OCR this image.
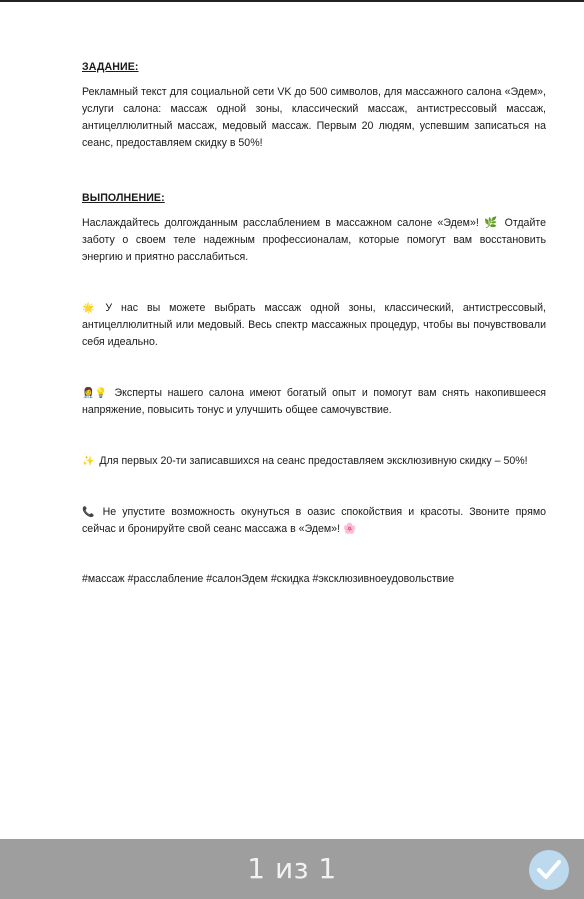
ЗАДАНИЕ:

Рекламный текст для социальной сети VK до 500 символов, для массажного салона «Эдем», услуги салона: массаж одной зоны, классический массаж, антистрессовый массаж, антицеллюлитный массаж, медовый массаж. Первым 20 людям, успевшим записаться на сеанс, предоставляем скидку в 50%!

ВЫПОЛНЕНИЕ:

Наслаждайтесь долгожданным расслаблением в массажном салоне «Эдем»! 🌿 Отдайте заботу о своем теле надежным профессионалам, которые помогут вам восстановить энергию и приятно расслабиться.

🌟 У нас вы можете выбрать массаж одной зоны, классический, антистрессовый, антицеллюлитный или медовый. Весь спектр массажных процедур, чтобы вы почувствовали себя идеально.

👩‍⚕️💡 Эксперты нашего салона имеют богатый опыт и помогут вам снять накопившееся напряжение, повысить тонус и улучшить общее самочувствие.

✨ Для первых 20-ти записавшихся на сеанс предоставляем эксклюзивную скидку – 50%!

📞 Не упустите возможность окунуться в оазис спокойствия и красоты. Звоните прямо сейчас и бронируйте свой сеанс массажа в «Эдем»! 🌸

#массаж #расслабление #салонЭдем #скидка #эксклюзивноеудовольствие

1 из 1
